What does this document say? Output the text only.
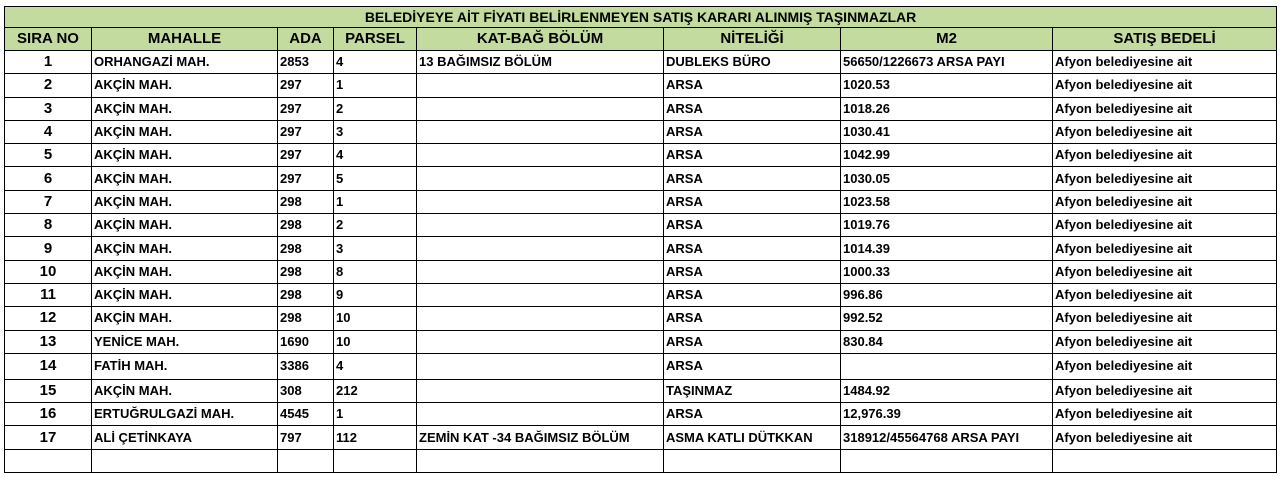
BELEDİYEYE AİT FİYATI BELİRLENMEYEN SATIŞ KARARI ALINMIŞ TAŞINMAZLAR							
SIRA NO	MAHALLE	ADA	PARSEL	KAT-BAĞ BÖLÜM	NİTELİĞİ	M2	SATIŞ BEDELİ
1	ORHANGAZİ MAH.	2853	4	13 BAĞIMSIZ BÖLÜM	DUBLEKS BÜRO	56650/1226673 ARSA PAYI	Afyon belediyesine ait
2	AKÇİN MAH.	297	1		ARSA	1020.53	Afyon belediyesine ait
3	AKÇİN MAH.	297	2		ARSA	1018.26	Afyon belediyesine ait
4	AKÇİN MAH.	297	3		ARSA	1030.41	Afyon belediyesine ait
5	AKÇİN MAH.	297	4		ARSA	1042.99	Afyon belediyesine ait
6	AKÇİN MAH.	297	5		ARSA	1030.05	Afyon belediyesine ait
7	AKÇİN MAH.	298	1		ARSA	1023.58	Afyon belediyesine ait
8	AKÇİN MAH.	298	2		ARSA	1019.76	Afyon belediyesine ait
9	AKÇİN MAH.	298	3		ARSA	1014.39	Afyon belediyesine ait
10	AKÇİN MAH.	298	8		ARSA	1000.33	Afyon belediyesine ait
11	AKÇİN MAH.	298	9		ARSA	996.86	Afyon belediyesine ait
12	AKÇİN MAH.	298	10		ARSA	992.52	Afyon belediyesine ait
13	YENİCE MAH.	1690	10		ARSA	830.84	Afyon belediyesine ait
14	FATİH MAH.	3386	4		ARSA		Afyon belediyesine ait
15	AKÇİN MAH.	308	212		TAŞINMAZ	1484.92	Afyon belediyesine ait
16	ERTUĞRULGAZİ MAH.	4545	1		ARSA	12,976.39	Afyon belediyesine ait
17	ALİ ÇETİNKAYA	797	112	ZEMİN KAT -34 BAĞIMSIZ BÖLÜM	ASMA KATLI DÜTKKAN	318912/45564768 ARSA PAYI	Afyon belediyesine ait
